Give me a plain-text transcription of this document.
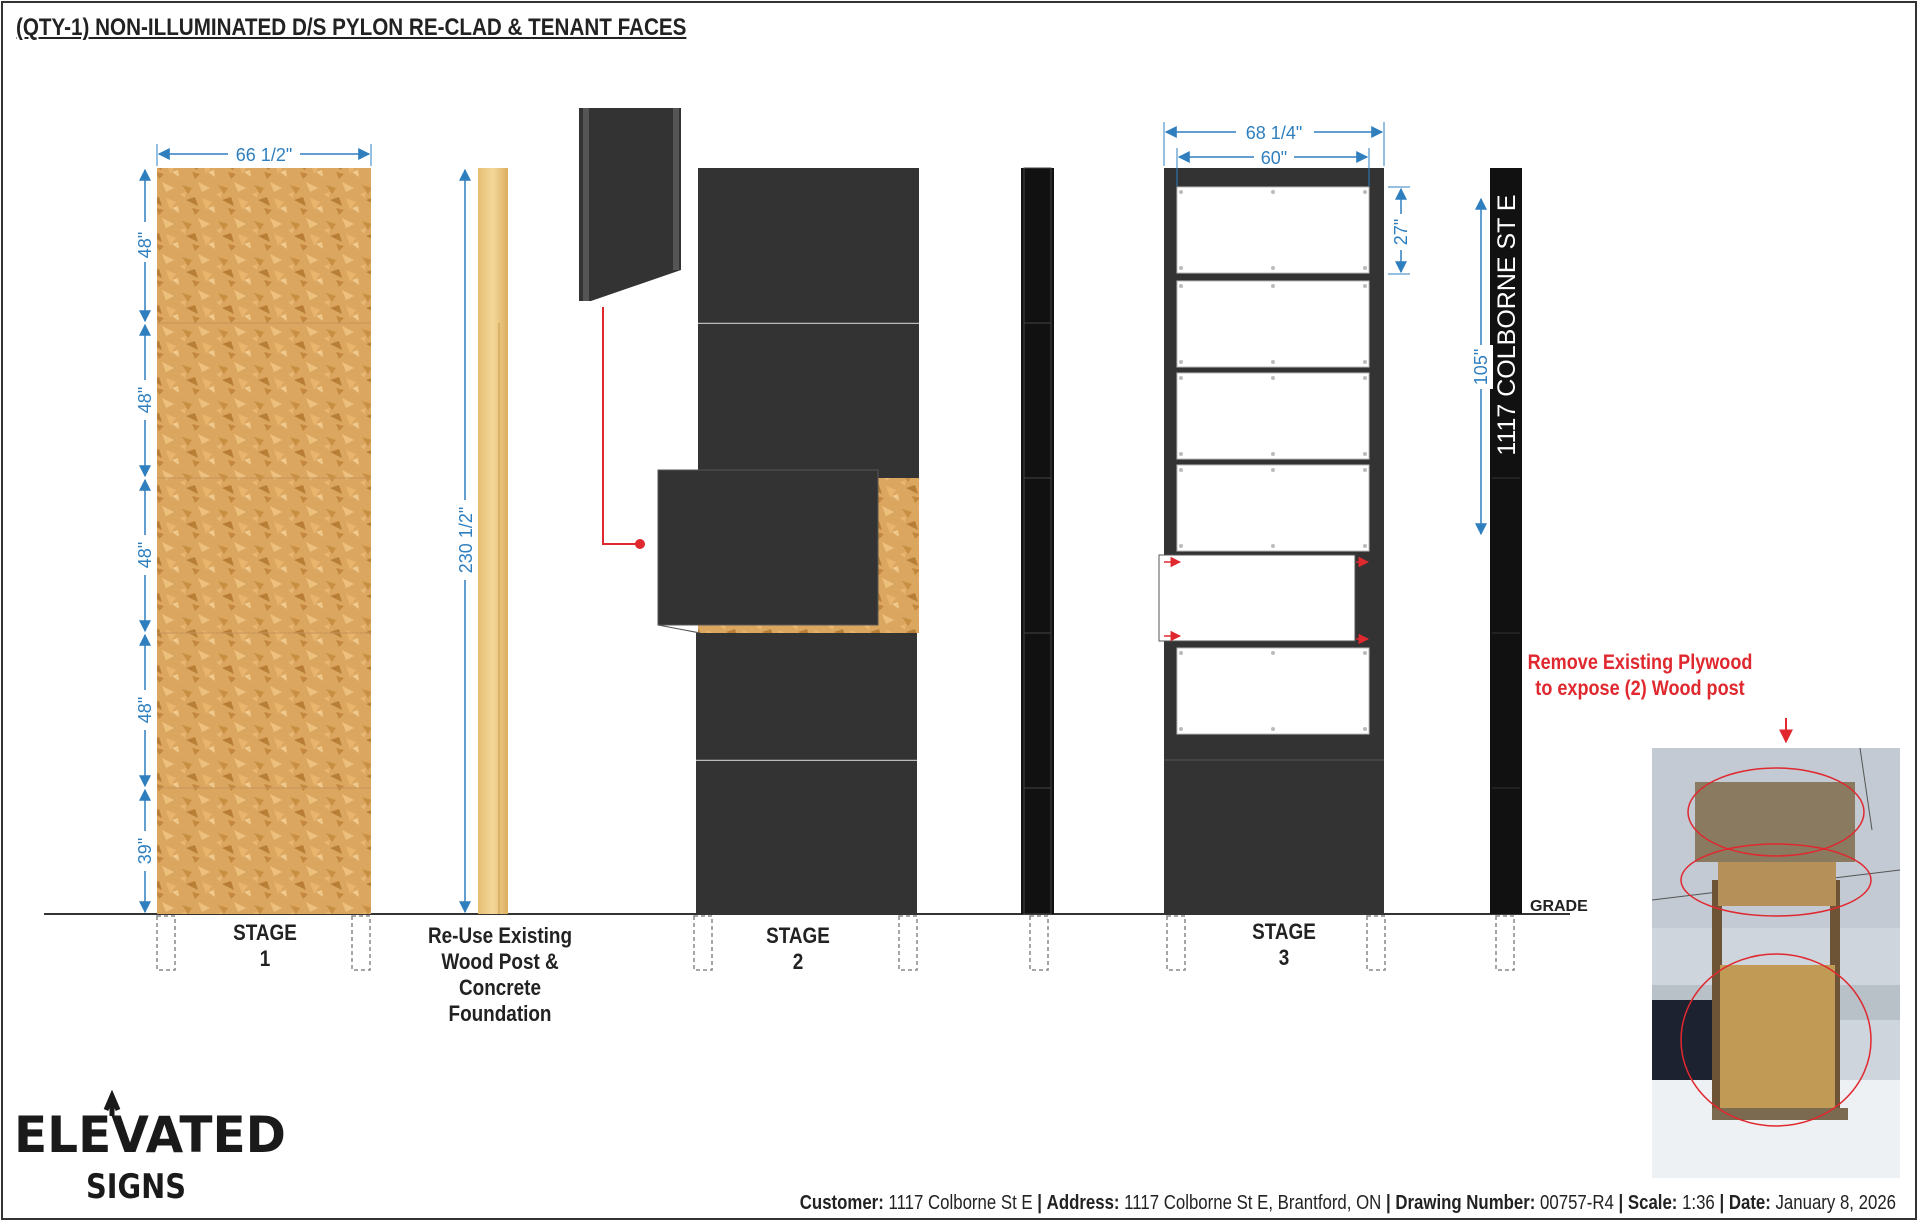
(QTY-1) NON-ILLUMINATED D/S PYLON RE-CLAD & TENANT FACES
GRADE
66 1/2"
48"
48"
48"
48"
39"
230 1/2"
68 1/4"
60"
27"	1117 COLBORNE ST E
105"
STAGE 1
STAGE 2
STAGE 3
Re-Use Existing
Wood Post & Concrete
Foundation
Remove Existing Plywood
to expose (2) Wood post
ELEVATED
SIGNS	Customer: 1117 Colborne St E | Address: 1117 Colborne St E, Brantford, ON | Drawing Number: 00757-R4 | Scale: 1:36 | Date: January 8, 2026
